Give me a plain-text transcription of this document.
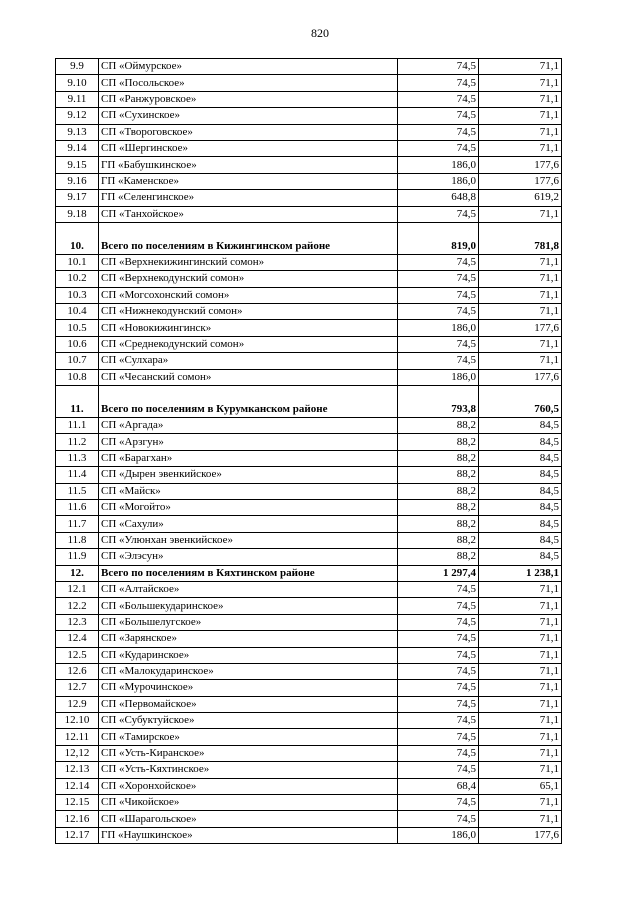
820
9.9	СП «Оймурское»	74,5	71,1
9.10	СП «Посольское»	74,5	71,1
9.11	СП «Ранжуровское»	74,5	71,1
9.12	СП «Сухинское»	74,5	71,1
9.13	СП «Твороговское»	74,5	71,1
9.14	СП «Шергинское»	74,5	71,1
9.15	ГП «Бабушкинское»	186,0	177,6
9.16	ГП «Каменское»	186,0	177,6
9.17	ГП «Селенгинское»	648,8	619,2
9.18	СП «Танхойское»	74,5	71,1
10.	Всего по поселениям в Кижингинском районе	819,0	781,8
10.1	СП «Верхнекижингинский сомон»	74,5	71,1
10.2	СП «Верхнекодунский сомон»	74,5	71,1
10.3	СП «Могсохонский сомон»	74,5	71,1
10.4	СП «Нижнекодунский сомон»	74,5	71,1
10.5	СП «Новокижингинск»	186,0	177,6
10.6	СП «Среднекодунский сомон»	74,5	71,1
10.7	СП «Сулхара»	74,5	71,1
10.8	СП «Чесанский сомон»	186,0	177,6
11.	Всего по поселениям в Курумканском районе	793,8	760,5
11.1	СП «Аргада»	88,2	84,5
11.2	СП «Арзгун»	88,2	84,5
11.3	СП «Барагхан»	88,2	84,5
11.4	СП «Дырен эвенкийское»	88,2	84,5
11.5	СП «Майск»	88,2	84,5
11.6	СП «Могойто»	88,2	84,5
11.7	СП «Сахули»	88,2	84,5
11.8	СП «Улюнхан эвенкийское»	88,2	84,5
11.9	СП «Элэсун»	88,2	84,5
12.	Всего по поселениям в Кяхтинском районе	1 297,4	1 238,1
12.1	СП «Алтайское»	74,5	71,1
12.2	СП «Большекударинское»	74,5	71,1
12.3	СП «Большелугское»	74,5	71,1
12.4	СП «Зарянское»	74,5	71,1
12.5	СП «Кударинское»	74,5	71,1
12.6	СП «Малокударинское»	74,5	71,1
12.7	СП «Мурочинское»	74,5	71,1
12.9	СП «Первомайское»	74,5	71,1
12.10	СП «Субуктуйское»	74,5	71,1
12.11	СП «Тамирское»	74,5	71,1
12,12	СП «Усть-Киранское»	74,5	71,1
12.13	СП «Усть-Кяхтинское»	74,5	71,1
12.14	СП «Хоронхойское»	68,4	65,1
12.15	СП «Чикойское»	74,5	71,1
12.16	СП «Шарагольское»	74,5	71,1
12.17	ГП «Наушкинское»	186,0	177,6
